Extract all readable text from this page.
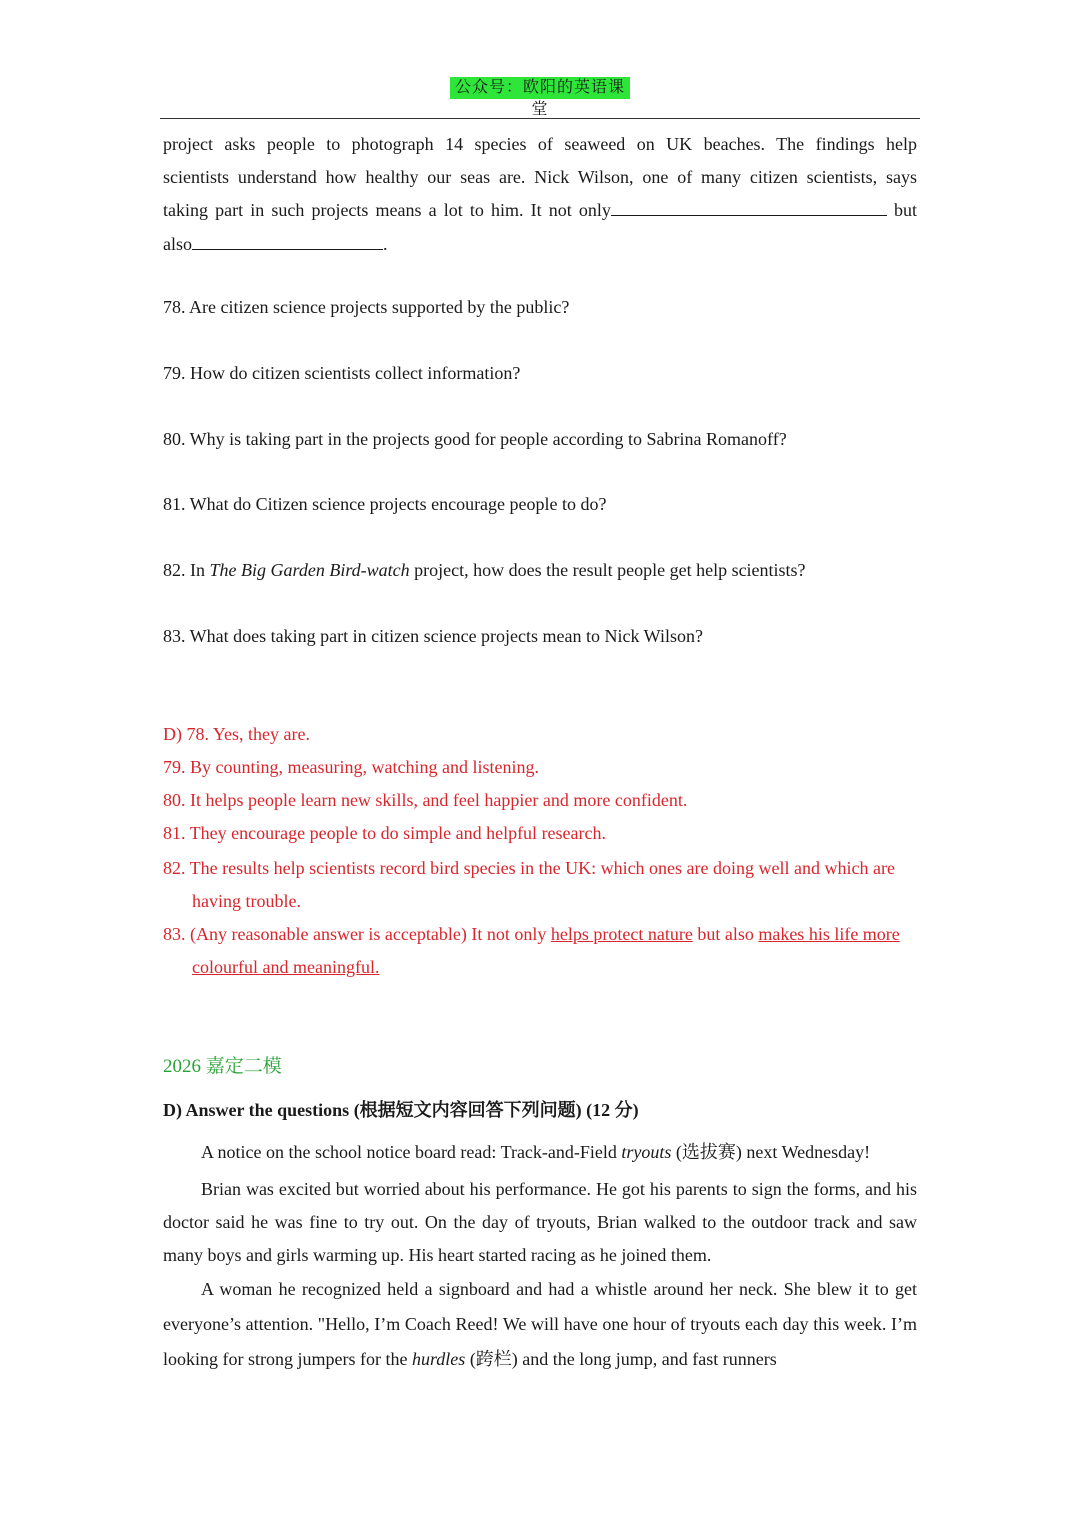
公众号：欧阳的英语课堂
project asks people to photograph 14 species of seaweed on UK beaches. The findings help
scientists understand how healthy our seas are. Nick Wilson, one of many citizen scientists, says
taking part in such projects means a lot to him. It not only	but
also	.
78. Are citizen science projects supported by the public?
79. How do citizen scientists collect information?
80. Why is taking part in the projects good for people according to Sabrina Romanoff?
81. What do Citizen science projects encourage people to do?
82. In The Big Garden Bird-watch project, how does the result people get help scientists?
83. What does taking part in citizen science projects mean to Nick Wilson?
D) 78. Yes, they are.
79. By counting, measuring, watching and listening.
80. It helps people learn new skills, and feel happier and more confident.
81. They encourage people to do simple and helpful research.
82. The results help scientists record bird species in the UK: which ones are doing well and which are having trouble.
83. (Any reasonable answer is acceptable) It not only helps protect nature but also makes his life more colourful and meaningful.
2026 嘉定二模
D) Answer the questions (根据短文内容回答下列问题) (12 分)
A notice on the school notice board read: Track-and-Field tryouts (选拔赛) next Wednesday!
Brian was excited but worried about his performance. He got his parents to sign the forms, and his doctor said he was fine to try out. On the day of tryouts, Brian walked to the outdoor track and saw many boys and girls warming up. His heart started racing as he joined them.
A woman he recognized held a signboard and had a whistle around her neck. She blew it to get everyone’s attention. "Hello, I’m Coach Reed! We will have one hour of tryouts each day this week. I’m looking for strong jumpers for the hurdles (跨栏) and the long jump, and fast runners
